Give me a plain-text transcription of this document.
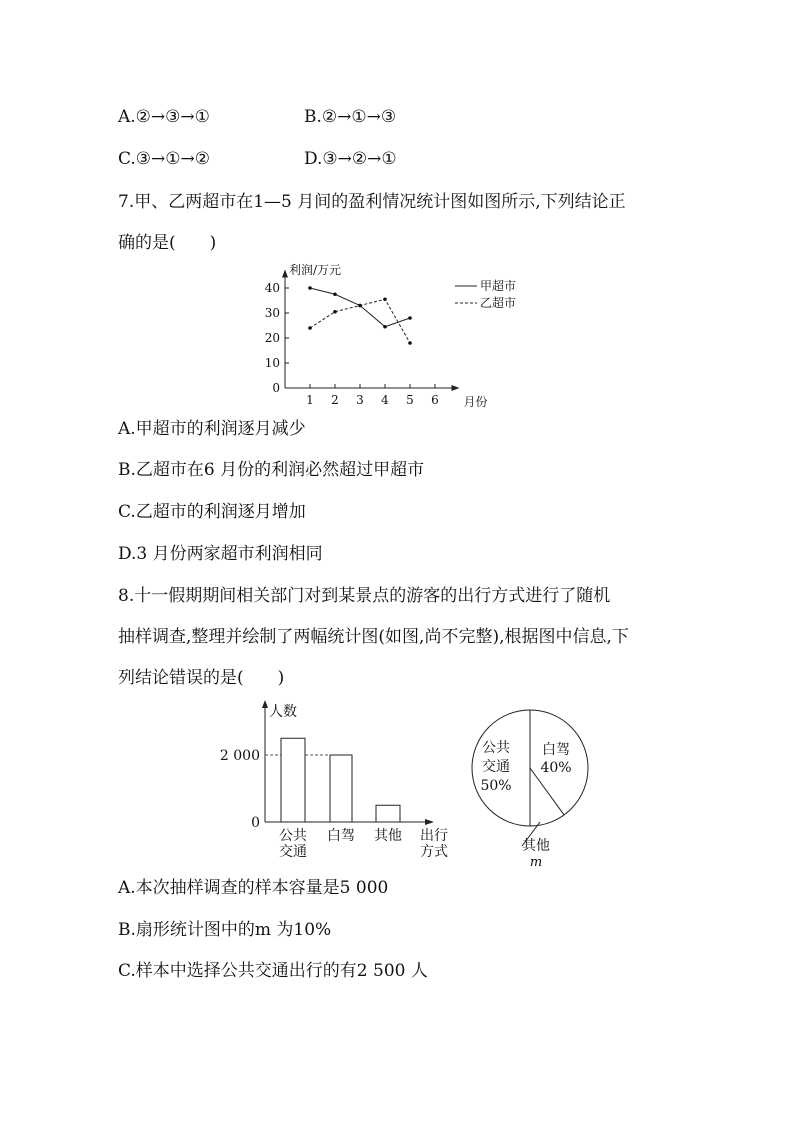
A.②→③→①	B.②→①→③
C.③→①→②	D.③→②→①
7.甲、乙两超市在1—5 月间的盈利情况统计图如图所示,下列结论正
确的是(　　)
利润/万元
月份
0
10
20
30
40
1 2 3 4 5 6
甲超市
乙超市
A.甲超市的利润逐月减少
B.乙超市在6 月份的利润必然超过甲超市
C.乙超市的利润逐月增加
D.3 月份两家超市利润相同
8.十一假期期间相关部门对到某景点的游客的出行方式进行了随机
抽样调查,整理并绘制了两幅统计图(如图,尚不完整),根据图中信息,下
列结论错误的是(　　)
人数
0
2 000
公共
交通
白驾 其他 出行
方式
公共
交通
50%
白驾
40%
其他
m
A.本次抽样调查的样本容量是5 000
B.扇形统计图中的m 为10%
C.样本中选择公共交通出行的有2 500 人
